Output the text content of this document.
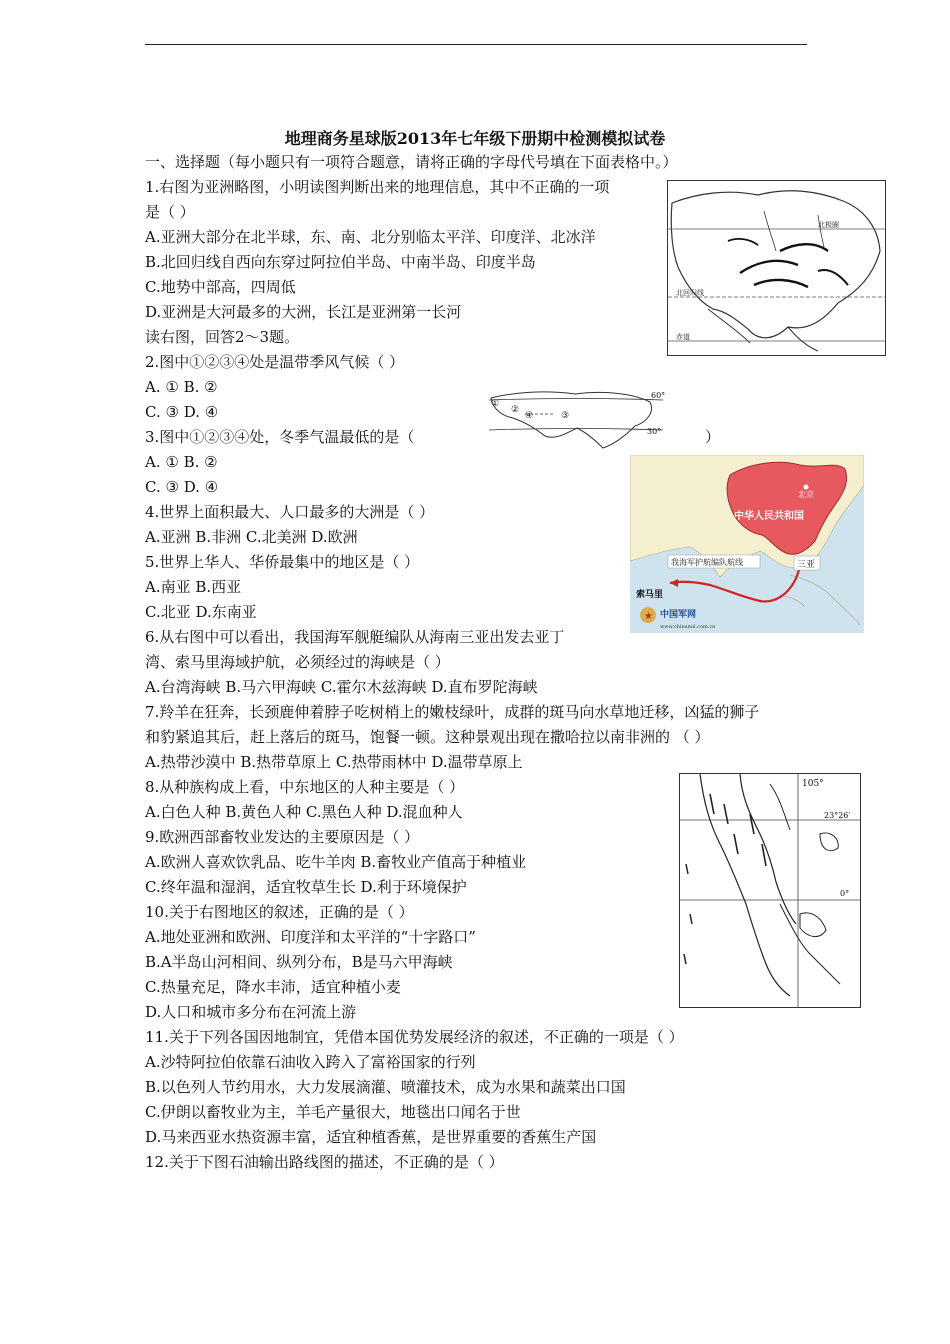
地理商务星球版2013年七年级下册期中检测模拟试卷
一、选择题（每小题只有一项符合题意，请将正确的字母代号填在下面表格中。）
1.右图为亚洲略图，小明读图判断出来的地理信息，其中不正确的一项
是（ ）
A.亚洲大部分在北半球，东、南、北分别临太平洋、印度洋、北冰洋
B.北回归线自西向东穿过阿拉伯半岛、中南半岛、印度半岛
C.地势中部高，四周低
D.亚洲是大河最多的大洲，长江是亚洲第一长河
读右图，回答2～3题。
2.图中①②③④处是温带季风气候（ ）
A. ① B. ②
C. ③ D. ④
3.图中①②③④处，冬季气温最低的是（	）
A. ① B. ②
C. ③ D. ④
4.世界上面积最大、人口最多的大洲是（ ）
A.亚洲 B.非洲 C.北美洲 D.欧洲
5.世界上华人、华侨最集中的地区是（ ）
A.南亚 B.西亚
C.北亚 D.东南亚
6.从右图中可以看出，我国海军舰艇编队从海南三亚出发去亚丁
湾、索马里海域护航，必须经过的海峡是（ ）
A.台湾海峡 B.马六甲海峡 C.霍尔木兹海峡 D.直布罗陀海峡
7.羚羊在狂奔，长颈鹿伸着脖子吃树梢上的嫩枝绿叶，成群的斑马向水草地迁移，凶猛的狮子
和豹紧追其后，赶上落后的斑马，饱餐一顿。这种景观出现在撒哈拉以南非洲的 （ ）
A.热带沙漠中 B.热带草原上 C.热带雨林中 D.温带草原上
8.从种族构成上看，中东地区的人种主要是（ ）
A.白色人种 B.黄色人种 C.黑色人种 D.混血种人
9.欧洲西部畜牧业发达的主要原因是（ ）
A.欧洲人喜欢饮乳品、吃牛羊肉 B.畜牧业产值高于种植业
C.终年温和湿润，适宜牧草生长 D.利于环境保护
10.关于右图地区的叙述，正确的是（ ）
A.地处亚洲和欧洲、印度洋和太平洋的“十字路口”
B.A半岛山河相间、纵列分布，B是马六甲海峡
C.热量充足，降水丰沛，适宜种植小麦
D.人口和城市多分布在河流上游
11.关于下列各国因地制宜，凭借本国优势发展经济的叙述，不正确的一项是（ ）
A.沙特阿拉伯依靠石油收入跨入了富裕国家的行列
B.以色列人节约用水，大力发展滴灌、喷灌技术，成为水果和蔬菜出口国
C.伊朗以畜牧业为主，羊毛产量很大，地毯出口闻名于世
D.马来西亚水热资源丰富，适宜种植香蕉，是世界重要的香蕉生产国
12.关于下图石油输出路线图的描述，不正确的是（ ）
北极圈
北回归线
赤道
①
②
③
④
60°
30°
北京
中华人民共和国
我海军护航编队航线	三亚
索马里
★ 中国军网
www.chinamil.com.cn
105°
23°26′
0°
